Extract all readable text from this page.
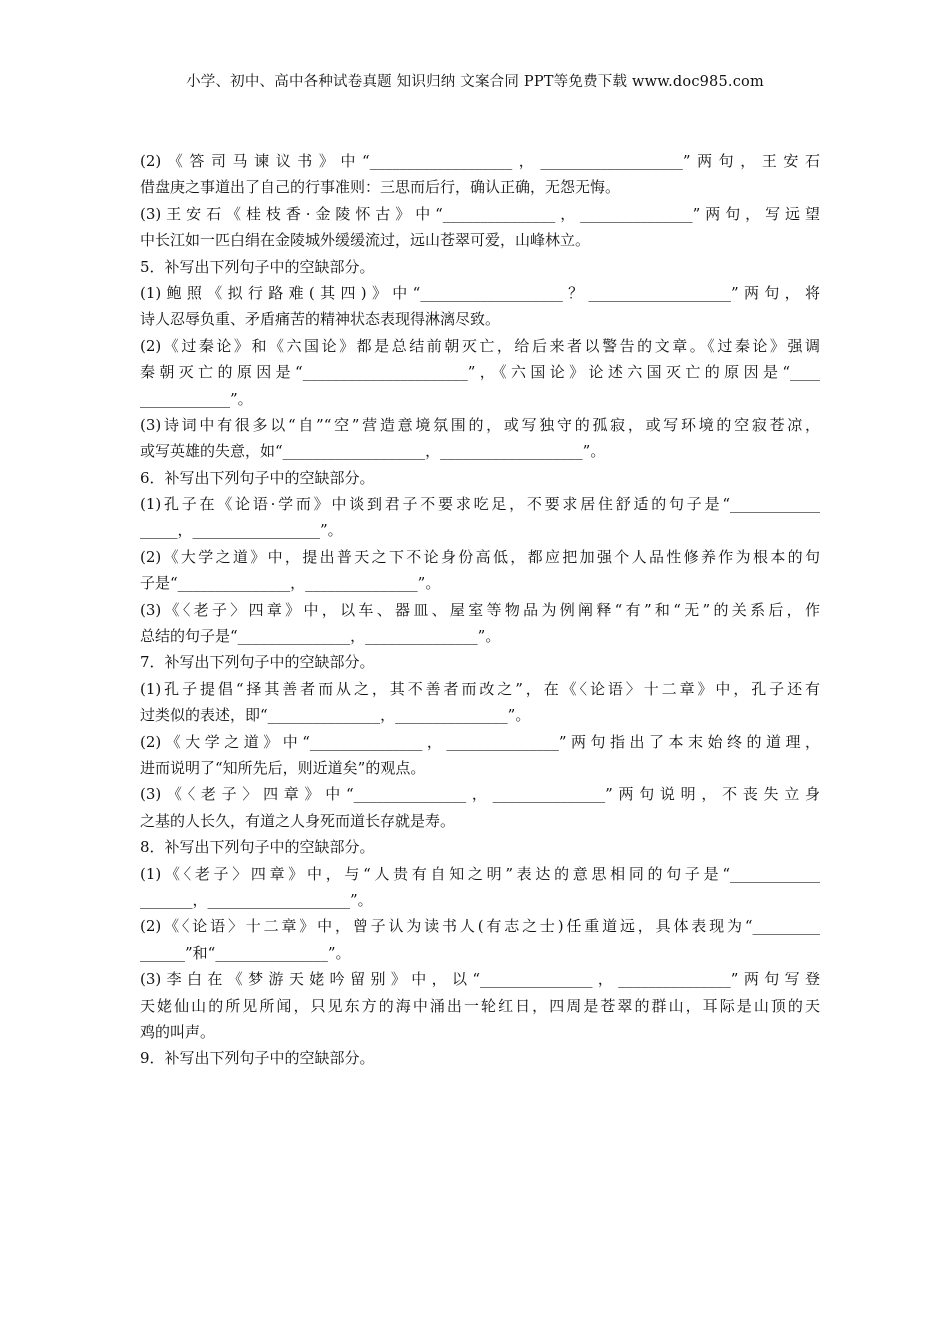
小学、初中、高中各种试卷真题 知识归纳 文案合同 PPT等免费下载 www.doc985.com
(2)《答司马谏议书》中“___________________，___________________”两句，王安石
借盘庚之事道出了自己的行事准则：三思而后行，确认正确，无怨无悔。
(3)王安石《桂枝香·金陵怀古》中“_______________，_______________”两句，写远望
中长江如一匹白绢在金陵城外缓缓流过，远山苍翠可爱，山峰林立。
5．补写出下列句子中的空缺部分。
(1)鲍照《拟行路难(其四)》中“___________________？___________________”两句，将
诗人忍辱负重、矛盾痛苦的精神状态表现得淋漓尽致。
(2)《过秦论》和《六国论》都是总结前朝灭亡，给后来者以警告的文章。《过秦论》强调
秦朝灭亡的原因是“______________________”，《六国论》论述六国灭亡的原因是“____
____________”。
(3)诗词中有很多以“自”“空”营造意境氛围的，或写独守的孤寂，或写环境的空寂苍凉，
或写英雄的失意，如“___________________，___________________”。
6．补写出下列句子中的空缺部分。
(1)孔子在《论语·学而》中谈到君子不要求吃足，不要求居住舒适的句子是“____________
_____，_________________”。
(2)《大学之道》中，提出普天之下不论身份高低，都应把加强个人品性修养作为根本的句
子是“_______________，_______________”。
(3)《〈老子〉四章》中，以车、器皿、屋室等物品为例阐释“有”和“无”的关系后，作
总结的句子是“_______________，_______________”。
7．补写出下列句子中的空缺部分。
(1)孔子提倡“择其善者而从之，其不善者而改之”，在《〈论语〉十二章》中，孔子还有
过类似的表述，即“_______________，_______________”。
(2)《大学之道》中“_______________，_______________”两句指出了本末始终的道理，
进而说明了“知所先后，则近道矣”的观点。
(3)《〈老子〉四章》中“_______________，_______________”两句说明，不丧失立身
之基的人长久，有道之人身死而道长存就是寿。
8．补写出下列句子中的空缺部分。
(1)《〈老子〉四章》中，与“人贵有自知之明”表达的意思相同的句子是“____________
_______，___________________”。
(2)《〈论语〉十二章》中，曾子认为读书人(有志之士)任重道远，具体表现为“_________
______”和“_______________”。
(3)李白在《梦游天姥吟留别》中，以“_______________，_______________”两句写登
天姥仙山的所见所闻，只见东方的海中涌出一轮红日，四周是苍翠的群山，耳际是山顶的天
鸡的叫声。
9．补写出下列句子中的空缺部分。
